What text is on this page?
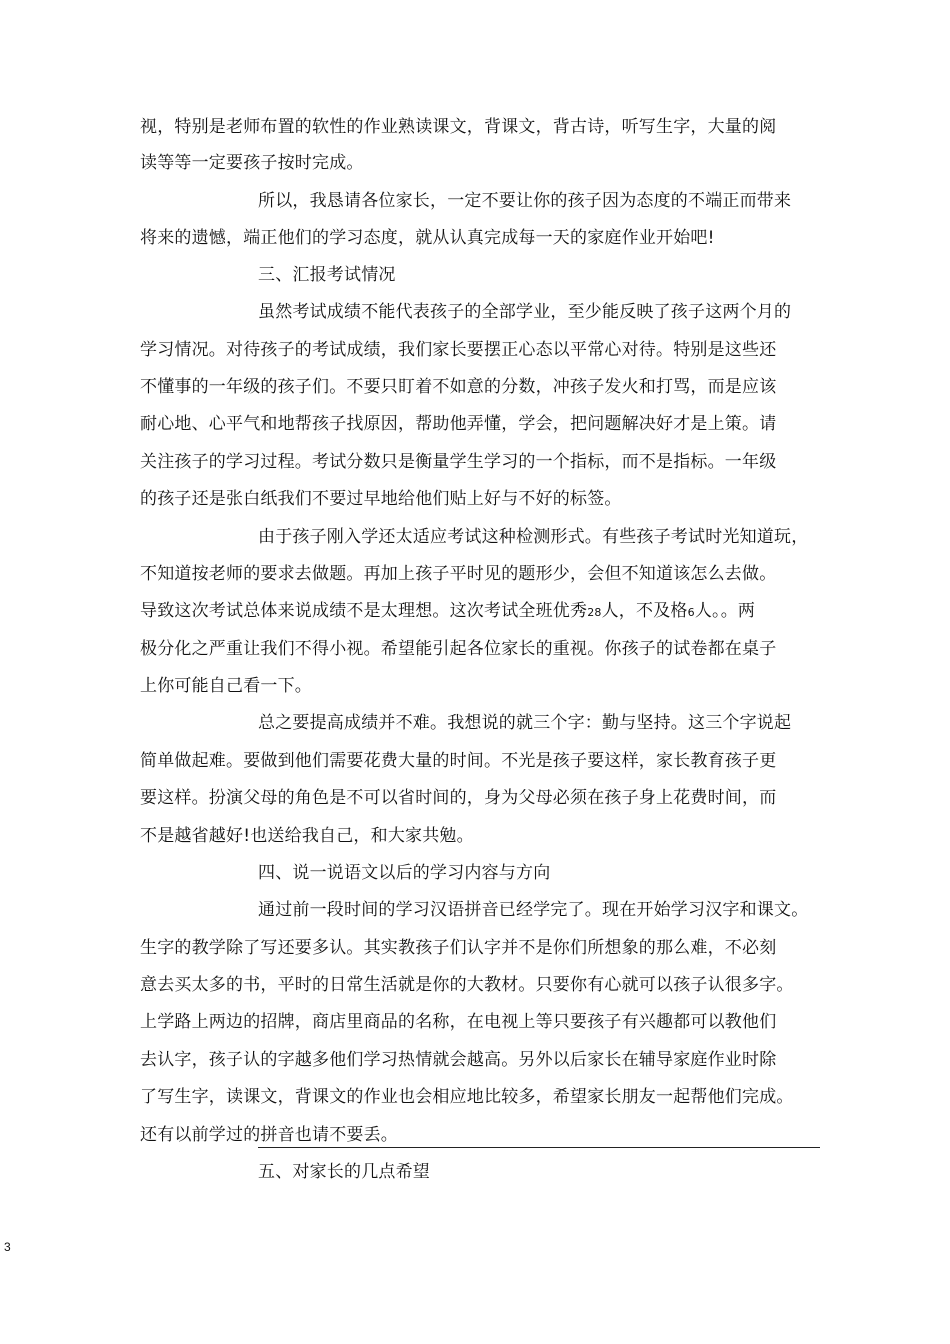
视，特别是老师布置的软性的作业熟读课文，背课文，背古诗，听写生字，大量的阅
读等等一定要孩子按时完成。
所以，我恳请各位家长，一定不要让你的孩子因为态度的不端正而带来
将来的遗憾，端正他们的学习态度，就从认真完成每一天的家庭作业开始吧!
三、汇报考试情况
虽然考试成绩不能代表孩子的全部学业，至少能反映了孩子这两个月的
学习情况。对待孩子的考试成绩，我们家长要摆正心态以平常心对待。特别是这些还
不懂事的一年级的孩子们。不要只盯着不如意的分数，冲孩子发火和打骂，而是应该
耐心地、心平气和地帮孩子找原因，帮助他弄懂，学会，把问题解决好才是上策。请
关注孩子的学习过程。考试分数只是衡量学生学习的一个指标，而不是指标。一年级
的孩子还是张白纸我们不要过早地给他们贴上好与不好的标签。
由于孩子刚入学还太适应考试这种检测形式。有些孩子考试时光知道玩，
不知道按老师的要求去做题。再加上孩子平时见的题形少，会但不知道该怎么去做。
导致这次考试总体来说成绩不是太理想。这次考试全班优秀28人，不及格6人。。两
极分化之严重让我们不得小视。希望能引起各位家长的重视。你孩子的试卷都在桌子
上你可能自己看一下。
总之要提高成绩并不难。我想说的就三个字：勤与坚持。这三个字说起
简单做起难。要做到他们需要花费大量的时间。不光是孩子要这样，家长教育孩子更
要这样。扮演父母的角色是不可以省时间的，身为父母必须在孩子身上花费时间，而
不是越省越好!也送给我自己，和大家共勉。
四、说一说语文以后的学习内容与方向
通过前一段时间的学习汉语拼音已经学完了。现在开始学习汉字和课文。
生字的教学除了写还要多认。其实教孩子们认字并不是你们所想象的那么难，不必刻
意去买太多的书，平时的日常生活就是你的大教材。只要你有心就可以孩子认很多字。
上学路上两边的招牌，商店里商品的名称，在电视上等只要孩子有兴趣都可以教他们
去认字，孩子认的字越多他们学习热情就会越高。另外以后家长在辅导家庭作业时除
了写生字，读课文，背课文的作业也会相应地比较多，希望家长朋友一起帮他们完成。
还有以前学过的拼音也请不要丢。
五、对家长的几点希望
3
